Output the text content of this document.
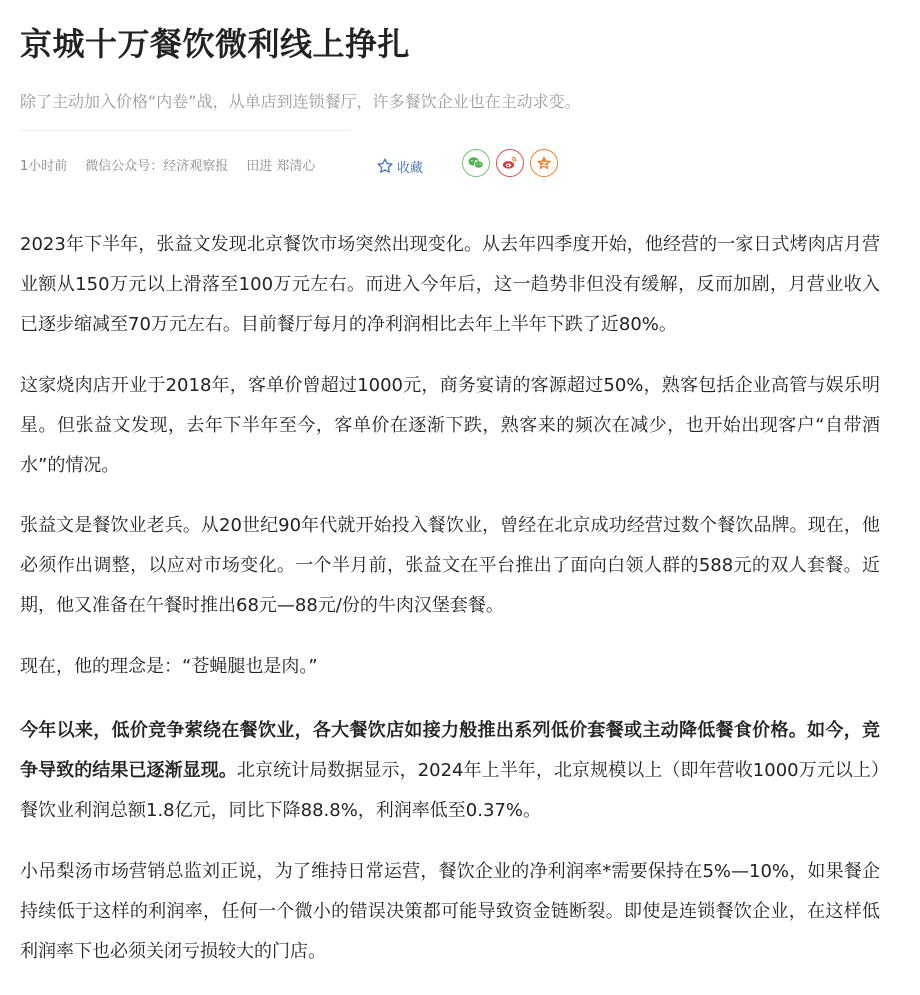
京城十万餐饮微利线上挣扎
除了主动加入价格“内卷”战，从单店到连锁餐厅，许多餐饮企业也在主动求变。
1小时前 微信公众号：经济观察报 田进 郑清心	收藏

2023年下半年，张益文发现北京餐饮市场突然出现变化。从去年四季度开始，他经营的一家日式烤肉店月营业额从150万元以上滑落至100万元左右。而进入今年后，这一趋势非但没有缓解，反而加剧，月营业收入已逐步缩减至70万元左右。目前餐厅每月的净利润相比去年上半年下跌了近80%。

这家烧肉店开业于2018年，客单价曾超过1000元，商务宴请的客源超过50%，熟客包括企业高管与娱乐明星。但张益文发现，去年下半年至今，客单价在逐渐下跌，熟客来的频次在减少，也开始出现客户“自带酒水”的情况。

张益文是餐饮业老兵。从20世纪90年代就开始投入餐饮业，曾经在北京成功经营过数个餐饮品牌。现在，他必须作出调整，以应对市场变化。一个半月前，张益文在平台推出了面向白领人群的588元的双人套餐。近期，他又准备在午餐时推出68元—88元/份的牛肉汉堡套餐。

现在，他的理念是：“苍蝇腿也是肉。”

今年以来，低价竞争萦绕在餐饮业，各大餐饮店如接力般推出系列低价套餐或主动降低餐食价格。如今，竞争导致的结果已逐渐显现。北京统计局数据显示，2024年上半年，北京规模以上（即年营收1000万元以上）餐饮业利润总额1.8亿元，同比下降88.8%，利润率低至0.37%。

小吊梨汤市场营销总监刘正说，为了维持日常运营，餐饮企业的净利润率*需要保持在5%—10%，如果餐企持续低于这样的利润率，任何一个微小的错误决策都可能导致资金链断裂。即使是连锁餐饮企业，在这样低利润率下也必须关闭亏损较大的门店。
